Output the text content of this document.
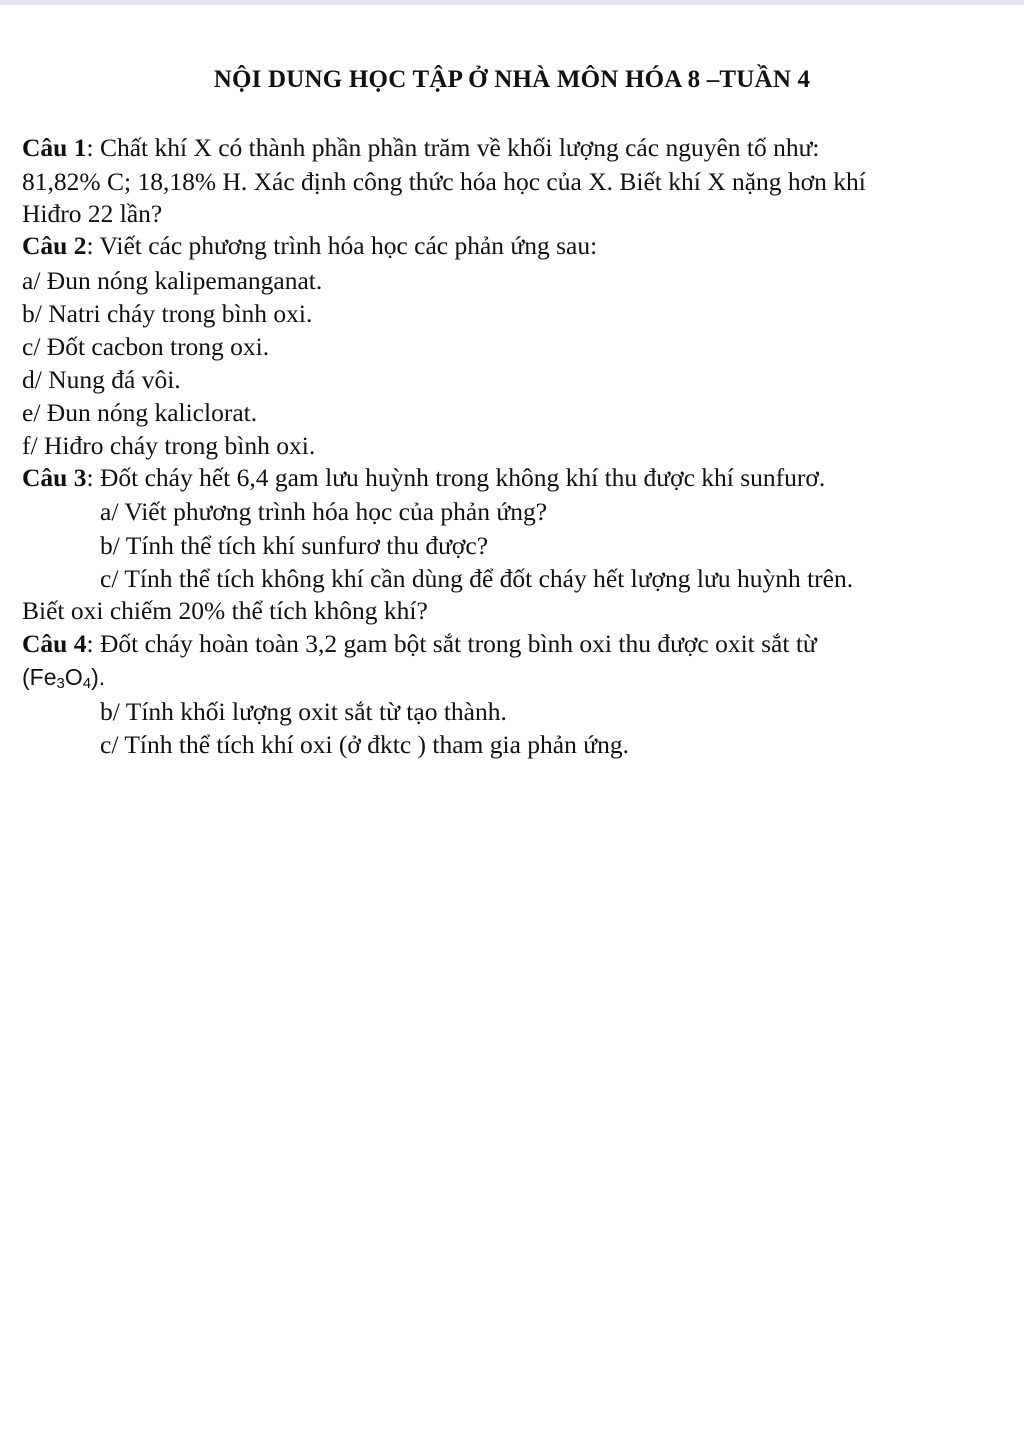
NỘI DUNG HỌC TẬP Ở NHÀ MÔN HÓA 8 –TUẦN 4
Câu 1: Chất khí X có thành phần phần trăm về khối lượng các nguyên tố như:
81,82% C; 18,18% H. Xác định công thức hóa học của X. Biết khí X nặng hơn khí
Hiđro 22 lần?
Câu 2: Viết các phương trình hóa học các phản ứng sau:
a/ Đun nóng kalipemanganat.
b/ Natri cháy trong bình oxi.
c/ Đốt cacbon trong oxi.
d/ Nung đá vôi.
e/ Đun nóng kaliclorat.
f/ Hiđro cháy trong bình oxi.
Câu 3: Đốt cháy hết 6,4 gam lưu huỳnh trong không khí thu được khí sunfurơ.
a/ Viết phương trình hóa học của phản ứng?
b/ Tính thể tích khí sunfurơ thu được?
c/ Tính thể tích không khí cần dùng để đốt cháy hết lượng lưu huỳnh trên.
Biết oxi chiếm 20% thể tích không khí?
Câu 4: Đốt cháy hoàn toàn 3,2 gam bột sắt trong bình oxi thu được oxit sắt từ
$(Fe_3O_4)$.
b/ Tính khối lượng oxit sắt từ tạo thành.
c/ Tính thể tích khí oxi (ở đktc ) tham gia phản ứng.
